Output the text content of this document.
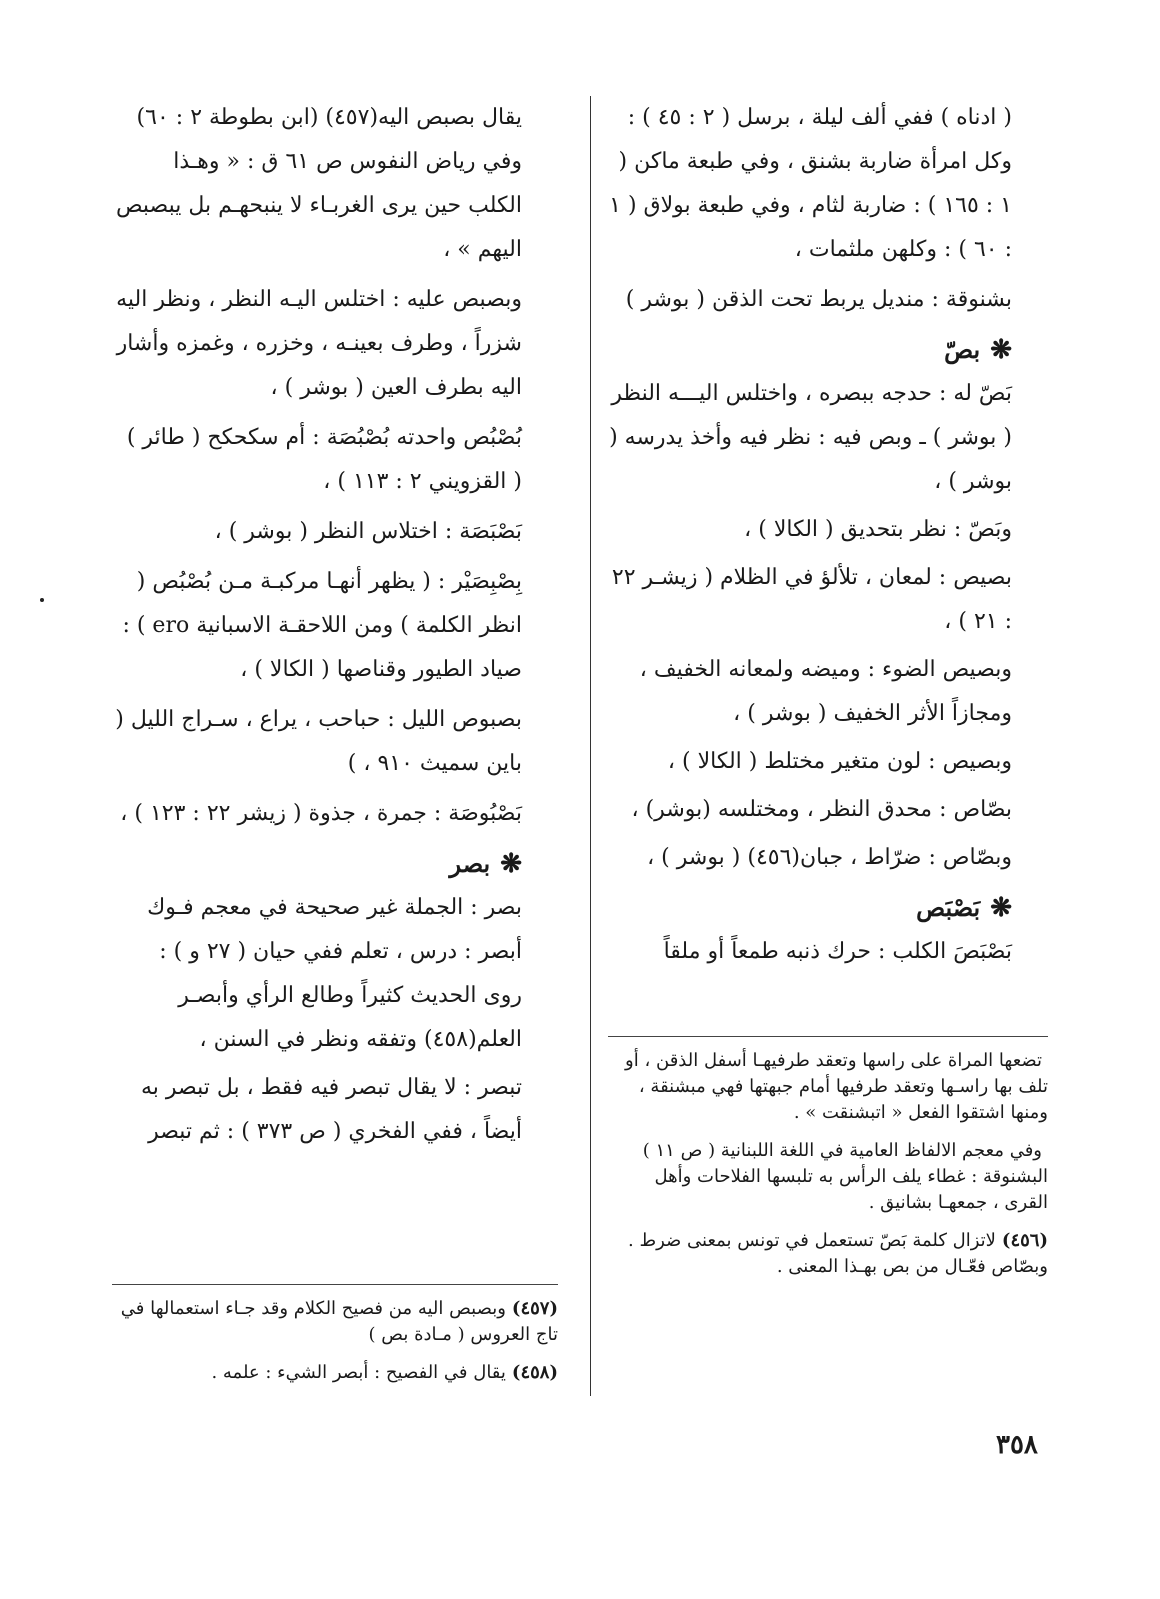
( ادناه ) ففي ألف ليلة ، برسل ( ٢ : ٤٥ ) : وكل امرأة ضاربة بشنق ، وفي طبعة ماكن ( ١ : ١٦٥ ) : ضاربة لثام ، وفي طبعة بولاق ( ١ : ٦٠ ) : وكلهن ملثمات ،

بشنوقة : منديل يربط تحت الذقن ( بوشر )

❋بصّ

بَصّ له : حدجه ببصره ، واختلس اليـــه النظر ( بوشر ) ـ وبص فيه : نظر فيه وأخذ يدرسه ( بوشر ) ،

وبَصّ : نظر بتحديق ( الكالا ) ،

بصيص : لمعان ، تلألؤ في الظلام ( زيشـر ٢٢ : ٢١ ) ،

وبصيص الضوء : وميضه ولمعانه الخفيف ، ومجازاً الأثر الخفيف ( بوشر ) ،

وبصيص : لون متغير مختلط ( الكالا ) ،

بصّاص : محدق النظر ، ومختلسه (بوشر) ،

وبصّاص : ضرّاط ، جبان(٤٥٦) ( بوشر ) ،

❋بَصْبَص

بَصْبَصَ الكلب : حرك ذنبه طمعاً أو ملقاً

يقال بصبص اليه(٤٥٧) (ابن بطوطة ٢ : ٦٠) وفي رياض النفوس ص ٦١ ق : « وهـذا الكلب حين يرى الغربـاء لا ينبحهـم بل يبصبص اليهم » ،

وبصبص عليه : اختلس اليـه النظر ، ونظر اليه شزراً ، وطرف بعينـه ، وخزره ، وغمزه وأشار اليه بطرف العين ( بوشر ) ،

بُصْبُص واحدته بُصْبُصَة : أم سكحكح ( طائر ) ( القزويني ٢ : ١١٣ ) ،

بَصْبَصَة : اختلاس النظر ( بوشر ) ،

بِصْبِصَيْر : ( يظهر أنهـا مركبـة مـن بُصْبُص ( انظر الكلمة ) ومن اللاحقـة الاسبانية ero ) : صياد الطيور وقناصها ( الكالا ) ،

بصبوص الليل : حباحب ، يراع ، سـراج الليل ( باين سميث ٩١٠ ، )

بَصْبُوصَة : جمرة ، جذوة ( زيشر ٢٢ : ١٢٣ ) ،

❋بصر

بصر : الجملة غير صحيحة في معجم فـوك أبصر : درس ، تعلم ففي حيان ( ٢٧ و ) : روى الحديث كثيراً وطالع الرأي وأبصـر العلم(٤٥٨) وتفقه ونظر في السنن ،

تبصر : لا يقال تبصر فيه فقط ، بل تبصر به أيضاً ، ففي الفخري ( ص ٣٧٣ ) : ثم تبصر

تضعها المراة على راسها وتعقد طرفيهـا أسفل الذقن ، أو تلف بها راسـها وتعقد طرفيها أمام جبهتها فهي مبشنقة ، ومنها اشتقوا الفعل « اتبشنقت » .

وفي معجم الالفاظ العامية في اللغة اللبنانية ( ص ١١ ) البشنوقة : غطاء يلف الرأس به تلبسها الفلاحات وأهل القرى ، جمعهـا بشانيق .

(٤٥٦)لاتزال كلمة بَصّ تستعمل في تونس بمعنى ضرط . وبصّاص فعّـال من بص بهـذا المعنى .

(٤٥٧)وبصبص اليه من فصيح الكلام وقد جـاء استعمالها في تاج العروس ( مـادة بص )

(٤٥٨)يقال في الفصيح : أبصر الشيء : علمه .

٣٥٨
